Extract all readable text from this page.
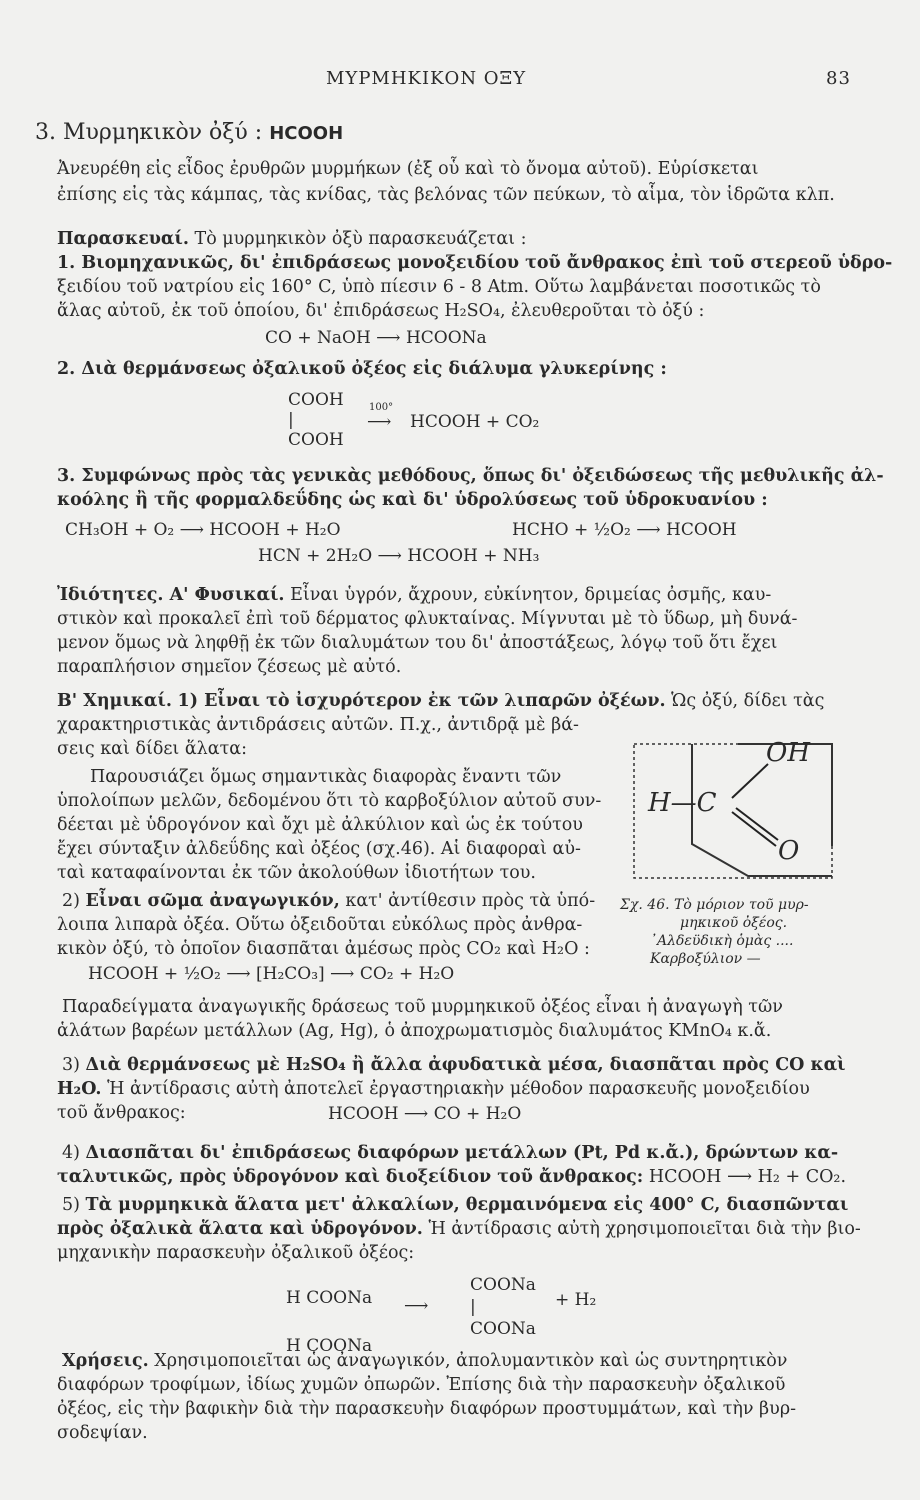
ΜΥΡΜΗΚΙΚΟΝ ΟΞΥ	83
3. Μυρμηκικὸν ὀξύ : HCOOH
Ἀνευρέθη εἰς εἶδος ἐρυθρῶν μυρμήκων (ἐξ οὗ καὶ τὸ ὄνομα αὐτοῦ). Εὑρίσκεται
ἐπίσης εἰς τὰς κάμπας, τὰς κνίδας, τὰς βελόνας τῶν πεύκων, τὸ αἷμα, τὸν ἱδρῶτα κλπ.
Παρασκευαί. Τὸ μυρμηκικὸν ὀξὺ παρασκευάζεται :
1. Βιομηχανικῶς, δι' ἐπιδράσεως μονοξειδίου τοῦ ἄνθρακος ἐπὶ τοῦ στερεοῦ ὑδρο-
ξειδίου τοῦ νατρίου εἰς 160° C, ὑπὸ πίεσιν 6 - 8 Atm. Οὕτω λαμβάνεται ποσοτικῶς τὸ
ἅλας αὐτοῦ, ἐκ τοῦ ὁποίου, δι' ἐπιδράσεως H₂SO₄, ἐλευθεροῦται τὸ ὀξύ :
CO + NaOH ⟶ HCOONa
2. Διὰ θερμάνσεως ὀξαλικοῦ ὀξέος εἰς διάλυμα γλυκερίνης :
COOH
|
COOH
100°
⟶ HCOOH + CO₂
3. Συμφώνως πρὸς τὰς γενικὰς μεθόδους, ὅπως δι' ὀξειδώσεως τῆς μεθυλικῆς ἀλ-
κοόλης ἢ τῆς φορμαλδεΰδης ὡς καὶ δι' ὑδρολύσεως τοῦ ὑδροκυανίου :
CH₃OH + O₂ ⟶ HCOOH + H₂O	HCHO + ½O₂ ⟶ HCOOH
HCN + 2H₂O ⟶ HCOOH + NH₃
Ἰδιότητες. Α' Φυσικαί. Εἶναι ὑγρόν, ἄχρουν, εὐκίνητον, δριμείας ὀσμῆς, καυ-
στικὸν καὶ προκαλεῖ ἐπὶ τοῦ δέρματος φλυκταίνας. Μίγνυται μὲ τὸ ὕδωρ, μὴ δυνά-
μενον ὅμως νὰ ληφθῇ ἐκ τῶν διαλυμάτων του δι' ἀποστάξεως, λόγῳ τοῦ ὅτι ἔχει
παραπλήσιον σημεῖον ζέσεως μὲ αὐτό.
Β' Χημικαί. 1) Εἶναι τὸ ἰσχυρότερον ἐκ τῶν λιπαρῶν ὀξέων. Ὡς ὀξύ, δίδει τὰς
χαρακτηριστικὰς ἀντιδράσεις αὐτῶν. Π.χ., ἀντιδρᾷ μὲ βά-
σεις καὶ δίδει ἅλατα:
Παρουσιάζει ὅμως σημαντικὰς διαφορὰς ἔναντι τῶν
ὑπολοίπων μελῶν, δεδομένου ὅτι τὸ καρβοξύλιον αὐτοῦ συν-
δέεται μὲ ὑδρογόνον καὶ ὄχι μὲ ἀλκύλιον καὶ ὡς ἐκ τούτου
ἔχει σύνταξιν ἀλδεΰδης καὶ ὀξέος (σχ.46). Αἱ διαφοραὶ αὐ-
ταὶ καταφαίνονται ἐκ τῶν ἀκολούθων ἰδιοτήτων του.
2) Εἶναι σῶμα ἀναγωγικόν, κατ' ἀντίθεσιν πρὸς τὰ ὑπό-
λοιπα λιπαρὰ ὀξέα. Οὕτω ὀξειδοῦται εὐκόλως πρὸς ἀνθρα-
κικὸν ὀξύ, τὸ ὁποῖον διασπᾶται ἀμέσως πρὸς CO₂ καὶ H₂O :
HCOOH + ½O₂ ⟶ [H₂CO₃] ⟶ CO₂ + H₂O
OH
H—C
O
Σχ. 46. Τὸ μόριον τοῦ μυρ-
μηκικοῦ ὀξέος.
᾿Αλδεϋδικὴ ὁμὰς ....
Καρβοξύλιον —
Παραδείγματα ἀναγωγικῆς δράσεως τοῦ μυρμηκικοῦ ὀξέος εἶναι ἡ ἀναγωγὴ τῶν
ἁλάτων βαρέων μετάλλων (Ag, Hg), ὁ ἀποχρωματισμὸς διαλυμάτος KMnO₄ κ.ἄ.
3) Διὰ θερμάνσεως μὲ H₂SO₄ ἢ ἄλλα ἀφυδατικὰ μέσα, διασπᾶται πρὸς CO καὶ
H₂O. Ἡ ἀντίδρασις αὐτὴ ἀποτελεῖ ἐργαστηριακὴν μέθοδον παρασκευῆς μονοξειδίου
τοῦ ἄνθρακος:	HCOOH ⟶ CO + H₂O
4) Διασπᾶται δι' ἐπιδράσεως διαφόρων μετάλλων (Pt, Pd κ.ἄ.), δρώντων κα-
ταλυτικῶς, πρὸς ὑδρογόνον καὶ διοξείδιον τοῦ ἄνθρακος: HCOOH ⟶ H₂ + CO₂.
5) Τὰ μυρμηκικὰ ἅλατα μετ' ἀλκαλίων, θερμαινόμενα εἰς 400° C, διασπῶνται
πρὸς ὀξαλικὰ ἅλατα καὶ ὑδρογόνον. Ἡ ἀντίδρασις αὐτὴ χρησιμοποιεῖται διὰ τὴν βιο-
μηχανικὴν παρασκευὴν ὀξαλικοῦ ὀξέος:
H COONa
H COONa
⟶
COONa
|
COONa
+ H₂
Χρήσεις. Χρησιμοποιεῖται ὡς ἀναγωγικόν, ἀπολυμαντικὸν καὶ ὡς συντηρητικὸν
διαφόρων τροφίμων, ἰδίως χυμῶν ὀπωρῶν. Ἐπίσης διὰ τὴν παρασκευὴν ὀξαλικοῦ
ὀξέος, εἰς τὴν βαφικὴν διὰ τὴν παρασκευὴν διαφόρων προστυμμάτων, καὶ τὴν βυρ-
σοδεψίαν.
